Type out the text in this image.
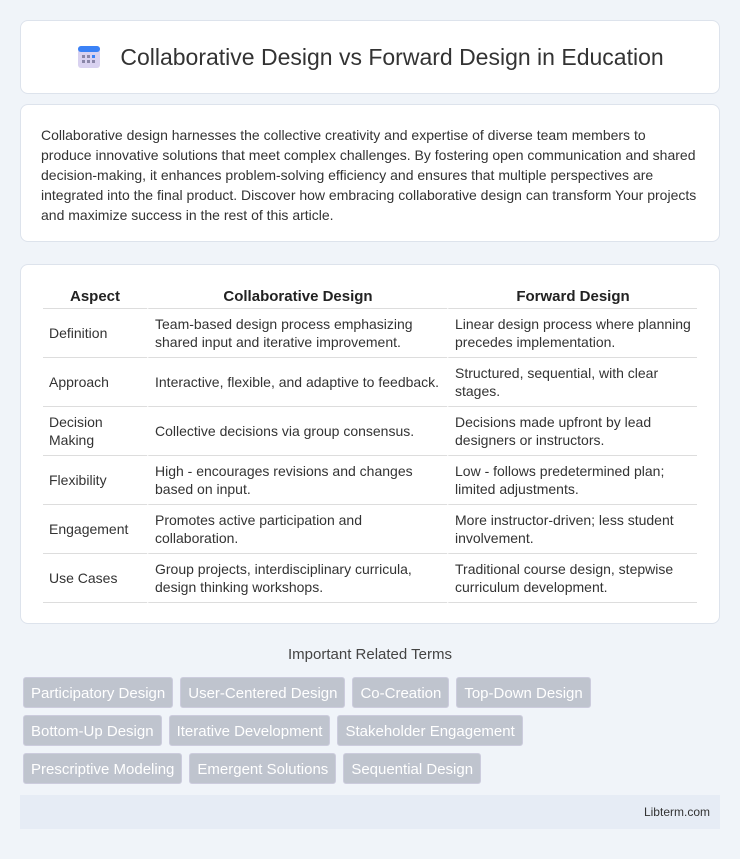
Collaborative Design vs Forward Design in Education
Collaborative design harnesses the collective creativity and expertise of diverse team members to produce innovative solutions that meet complex challenges. By fostering open communication and shared decision-making, it enhances problem-solving efficiency and ensures that multiple perspectives are integrated into the final product. Discover how embracing collaborative design can transform Your projects and maximize success in the rest of this article.
Aspect	Collaborative Design	Forward Design
Definition	Team-based design process emphasizing shared input and iterative improvement.	Linear design process where planning precedes implementation.
Approach	Interactive, flexible, and adaptive to feedback.	Structured, sequential, with clear stages.
Decision Making	Collective decisions via group consensus.	Decisions made upfront by lead designers or instructors.
Flexibility	High - encourages revisions and changes based on input.	Low - follows predetermined plan; limited adjustments.
Engagement	Promotes active participation and collaboration.	More instructor-driven; less student involvement.
Use Cases	Group projects, interdisciplinary curricula, design thinking workshops.	Traditional course design, stepwise curriculum development.
Important Related Terms
Participatory Design	User-Centered Design	Co-Creation	Top-Down Design
Bottom-Up Design	Iterative Development	Stakeholder Engagement
Prescriptive Modeling	Emergent Solutions	Sequential Design
Libterm.com
